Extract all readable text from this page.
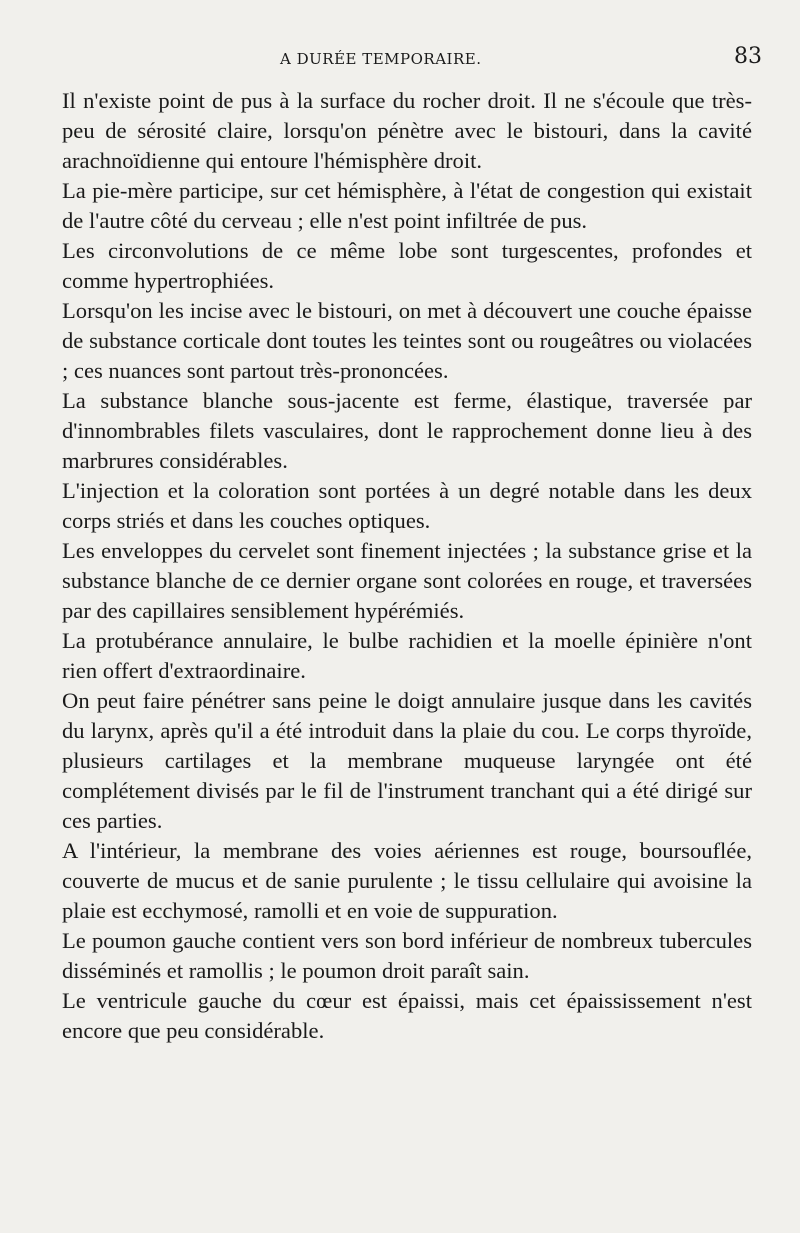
A DURÉE TEMPORAIRE.	83

Il n'existe point de pus à la surface du rocher droit. Il ne s'écoule que très-peu de sérosité claire, lorsqu'on pénètre avec le bistouri, dans la cavité arachnoïdienne qui entoure l'hémisphère droit.

La pie-mère participe, sur cet hémisphère, à l'état de congestion qui existait de l'autre côté du cerveau ; elle n'est point infiltrée de pus.

Les circonvolutions de ce même lobe sont turgescentes, profondes et comme hypertrophiées.

Lorsqu'on les incise avec le bistouri, on met à découvert une couche épaisse de substance corticale dont toutes les teintes sont ou rougeâtres ou violacées ; ces nuances sont partout très-prononcées.

La substance blanche sous-jacente est ferme, élastique, traversée par d'innombrables filets vasculaires, dont le rapprochement donne lieu à des marbrures considérables.

L'injection et la coloration sont portées à un degré notable dans les deux corps striés et dans les couches optiques.

Les enveloppes du cervelet sont finement injectées ; la substance grise et la substance blanche de ce dernier organe sont colorées en rouge, et traversées par des capillaires sensiblement hypérémiés.

La protubérance annulaire, le bulbe rachidien et la moelle épinière n'ont rien offert d'extraordinaire.

On peut faire pénétrer sans peine le doigt annulaire jusque dans les cavités du larynx, après qu'il a été introduit dans la plaie du cou. Le corps thyroïde, plusieurs cartilages et la membrane muqueuse laryngée ont été complétement divisés par le fil de l'instrument tranchant qui a été dirigé sur ces parties.

A l'intérieur, la membrane des voies aériennes est rouge, boursouflée, couverte de mucus et de sanie purulente ; le tissu cellulaire qui avoisine la plaie est ecchymosé, ramolli et en voie de suppuration.

Le poumon gauche contient vers son bord inférieur de nombreux tubercules disséminés et ramollis ; le poumon droit paraît sain.

Le ventricule gauche du cœur est épaissi, mais cet épaississement n'est encore que peu considérable.
